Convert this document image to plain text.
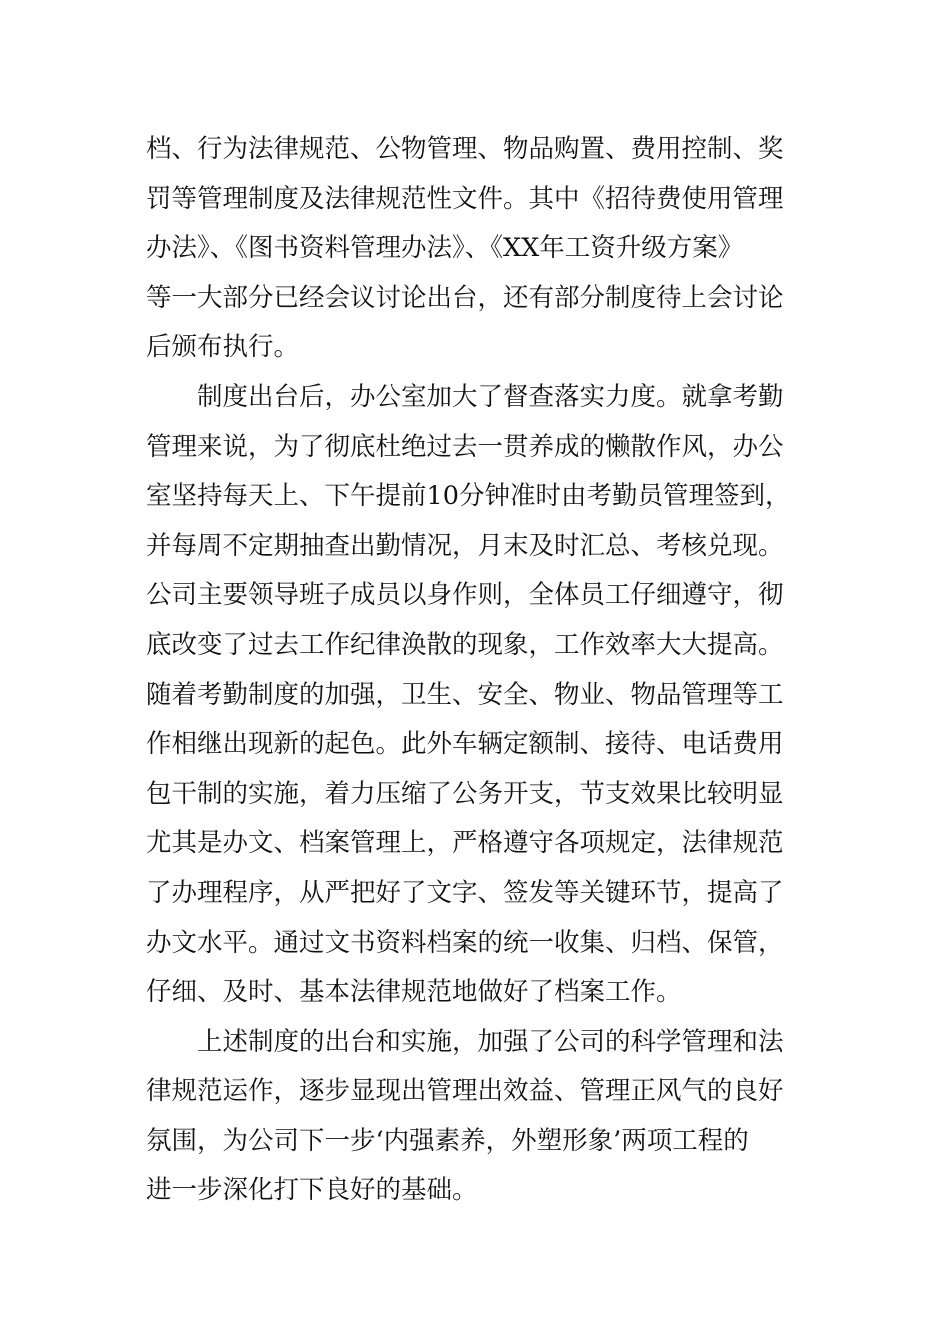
档、行为法律规范、公物管理、物品购置、费用控制、奖
罚等管理制度及法律规范性文件。其中《招待费使用管理
办法》、《图书资料管理办法》、《XX年工资升级方案》
等一大部分已经会议讨论出台，还有部分制度待上会讨论
后颁布执行。
制度出台后，办公室加大了督查落实力度。就拿考勤
管理来说，为了彻底杜绝过去一贯养成的懒散作风，办公
室坚持每天上、下午提前10分钟准时由考勤员管理签到，
并每周不定期抽查出勤情况，月末及时汇总、考核兑现。
公司主要领导班子成员以身作则，全体员工仔细遵守，彻
底改变了过去工作纪律涣散的现象，工作效率大大提高。
随着考勤制度的加强，卫生、安全、物业、物品管理等工
作相继出现新的起色。此外车辆定额制、接待、电话费用
包干制的实施，着力压缩了公务开支，节支效果比较明显
尤其是办文、档案管理上，严格遵守各项规定，法律规范
了办理程序，从严把好了文字、签发等关键环节，提高了
办文水平。通过文书资料档案的统一收集、归档、保管，
仔细、及时、基本法律规范地做好了档案工作。
上述制度的出台和实施，加强了公司的科学管理和法
律规范运作，逐步显现出管理出效益、管理正风气的良好
氛围，为公司下一步‘内强素养，外塑形象’两项工程的
进一步深化打下良好的基础。
